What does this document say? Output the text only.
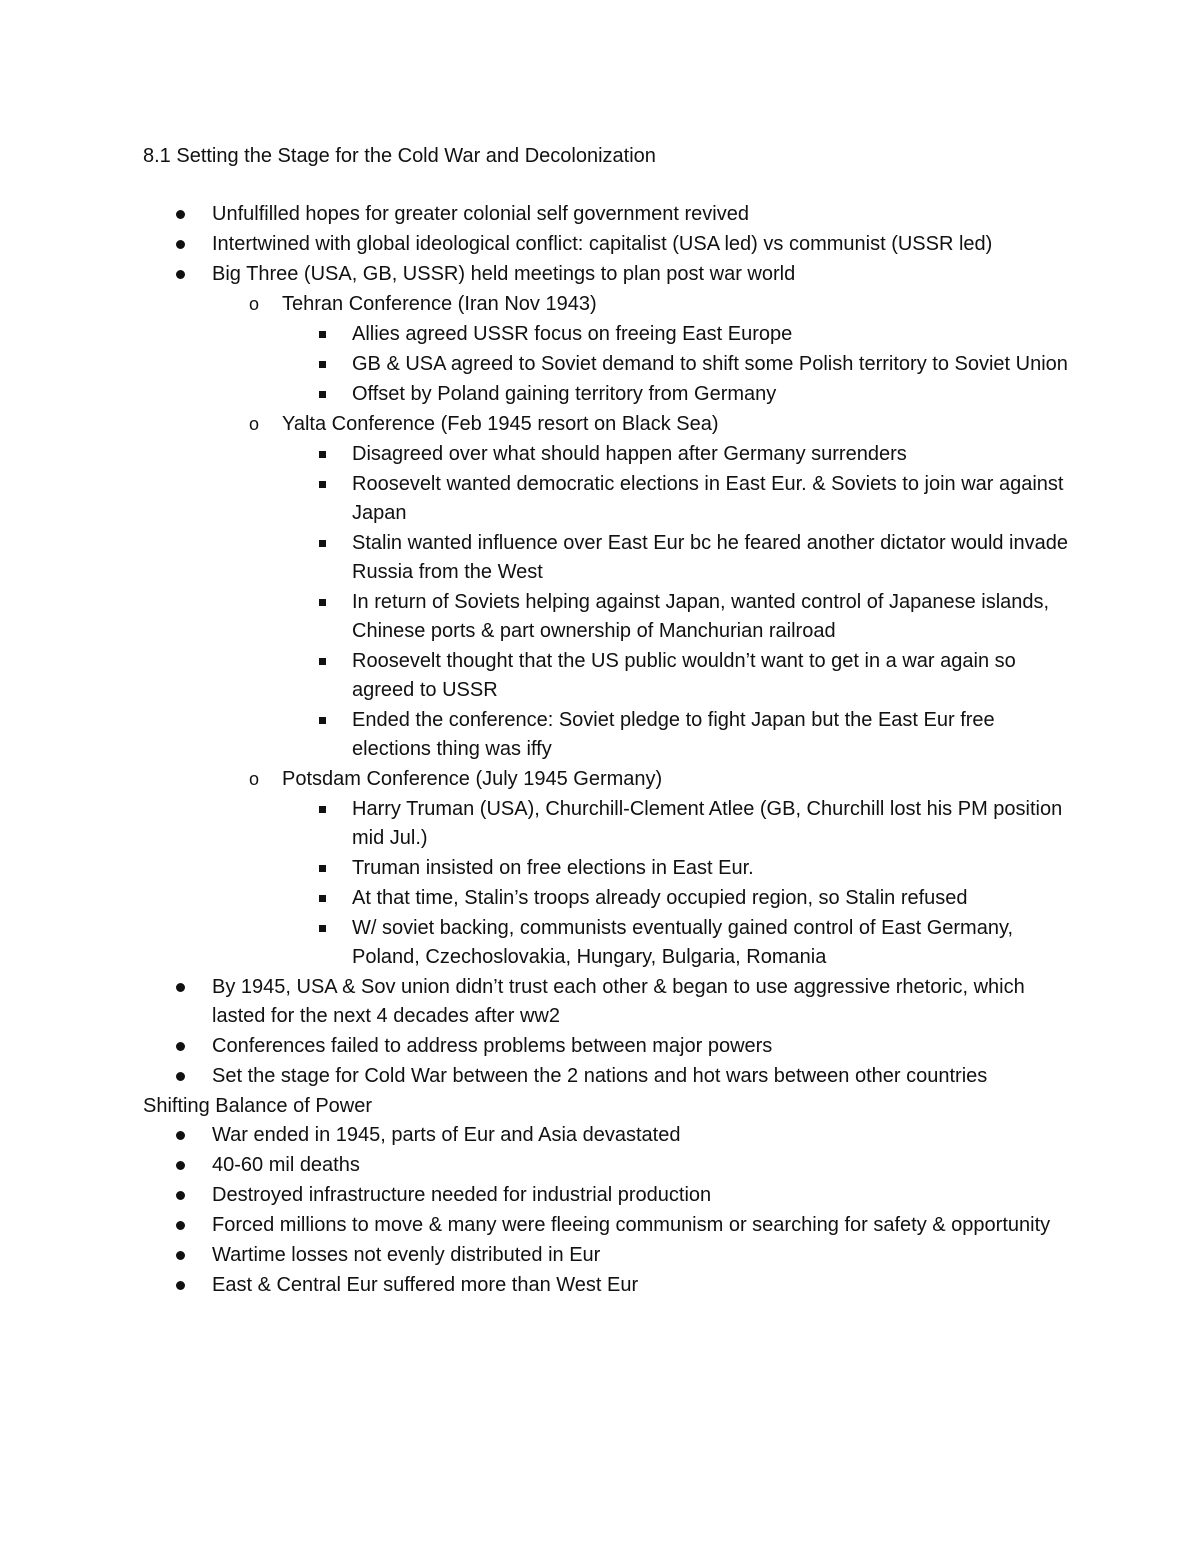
8.1 Setting the Stage for the Cold War and Decolonization

Unfulfilled hopes for greater colonial self government revived
Intertwined with global ideological conflict: capitalist (USA led) vs communist (USSR led)
Big Three (USA, GB, USSR) held meetings to plan post war world
o Tehran Conference (Iran Nov 1943)
Allies agreed USSR focus on freeing East Europe
GB & USA agreed to Soviet demand to shift some Polish territory to Soviet Union
Offset by Poland gaining territory from Germany
o Yalta Conference (Feb 1945 resort on Black Sea)
Disagreed over what should happen after Germany surrenders
Roosevelt wanted democratic elections in East Eur. & Soviets to join war against Japan
Stalin wanted influence over East Eur bc he feared another dictator would invade Russia from the West
In return of Soviets helping against Japan, wanted control of Japanese islands, Chinese ports & part ownership of Manchurian railroad
Roosevelt thought that the US public wouldn’t want to get in a war again so agreed to USSR
Ended the conference: Soviet pledge to fight Japan but the East Eur free elections thing was iffy
o Potsdam Conference (July 1945 Germany)
Harry Truman (USA), Churchill-Clement Atlee (GB, Churchill lost his PM position mid Jul.)
Truman insisted on free elections in East Eur.
At that time, Stalin’s troops already occupied region, so Stalin refused
W/ soviet backing, communists eventually gained control of East Germany, Poland, Czechoslovakia, Hungary, Bulgaria, Romania
By 1945, USA & Sov union didn’t trust each other & began to use aggressive rhetoric, which lasted for the next 4 decades after ww2
Conferences failed to address problems between major powers
Set the stage for Cold War between the 2 nations and hot wars between other countries

Shifting Balance of Power

War ended in 1945, parts of Eur and Asia devastated
40-60 mil deaths
Destroyed infrastructure needed for industrial production
Forced millions to move & many were fleeing communism or searching for safety & opportunity
Wartime losses not evenly distributed in Eur
East & Central Eur suffered more than West Eur
